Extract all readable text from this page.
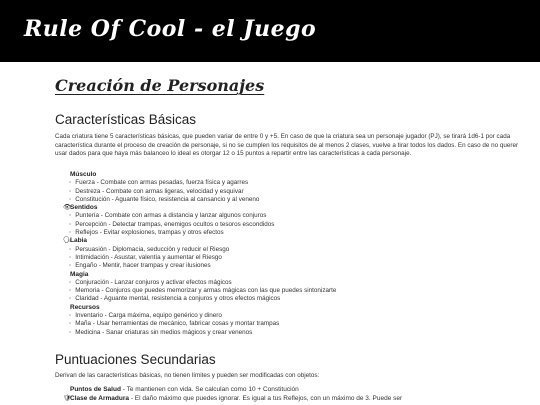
Rule Of Cool - el Juego
Creación de Personajes
Características Básicas

Cada criatura tiene 5 características básicas, que pueden variar de entre 0 y +5. En caso de que la criatura sea un personaje jugador (PJ), se tirará 1d6-1 por cada característica durante el proceso de creación de personaje, si no se cumplen los requisitos de al menos 2 clases, vuelve a tirar todos los dados. En caso de no querer usar dados para que haya más balanceo lo ideal es otorgar 12 o 15 puntos a repartir entre las características a cada personaje.

Músculo
◦ Fuerza - Combate con armas pesadas, fuerza física y agarres
◦ Destreza - Combate con armas ligeras, velocidad y esquivar
◦ Constitución - Aguante físico, resistencia al cansancio y al veneno
👁Sentidos
◦ Puntería - Combate con armas a distancia y lanzar algunos conjuros
◦ Percepción - Detectar trampas, enemigos ocultos o tesoros escondidos
◦ Reflejos - Evitar explosiones, trampas y otros efectos
🗣Labia
◦ Persuasión - Diplomacia, seducción y reducir el Riesgo
◦ Intimidación - Asustar, valentía y aumentar el Riesgo
◦ Engaño - Mentir, hacer trampas y crear ilusiones
Magia
◦ Conjuración - Lanzar conjuros y activar efectos mágicos
◦ Memoria - Conjuros que puedes memorizar y armas mágicas con las que puedes sintonizarte
◦ Claridad - Aguante mental, resistencia a conjuros y otros efectos mágicos
Recursos
◦ Inventario - Carga máxima, equipo genérico y dinero
◦ Maña - Usar herramientas de mecánico, fabricar cosas y montar trampas
◦ Medicina - Sanar criaturas sin medios mágicos y crear venenos
Puntuaciones Secundarias

Derivan de las características básicas, no tienen límites y pueden ser modificadas con objetos:

Puntos de Salud - Te mantienen con vida. Se calculan como 10 + Constitución
🛡Clase de Armadura - El daño máximo que puedes ignorar. Es igual a tus Reflejos, con un máximo de 3. Puede ser
